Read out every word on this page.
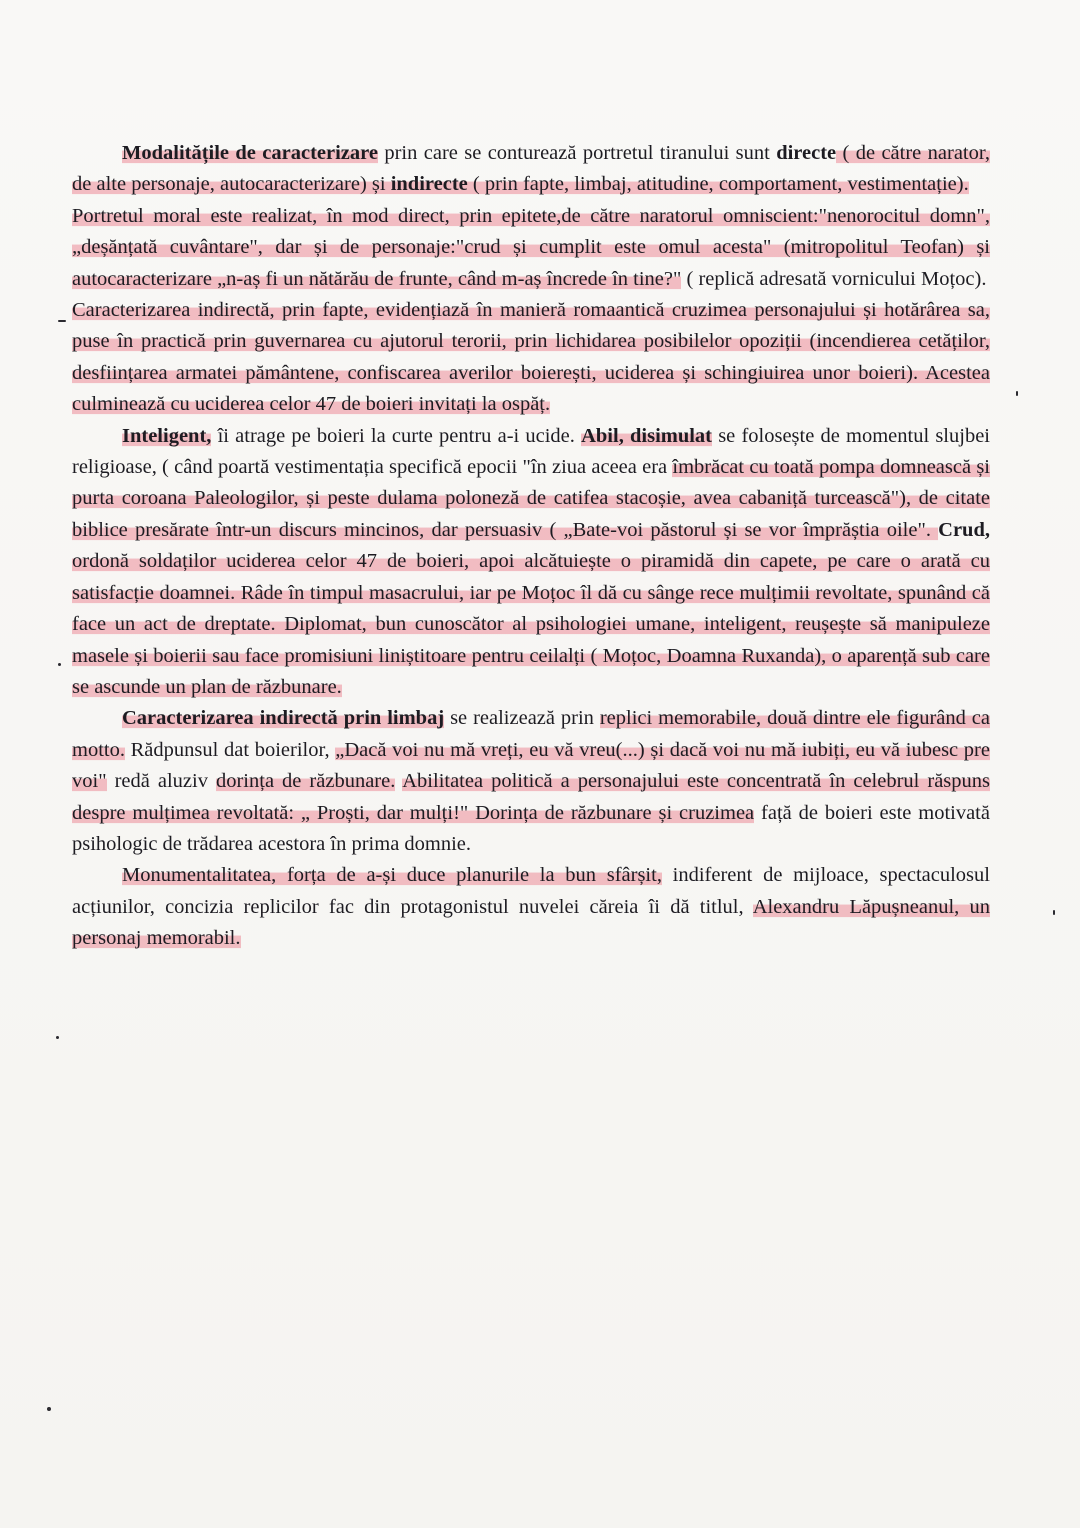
Modalitățile de caracterizare prin care se conturează portretul tiranului sunt directe ( de către narator, de alte personaje, autocaracterizare) și indirecte ( prin fapte, limbaj, atitudine, comportament, vestimentație).

Portretul moral este realizat, în mod direct, prin epitete,de către naratorul omniscient:"nenorocitul domn", „deșănțată cuvântare", dar și de personaje:"crud și cumplit este omul acesta" (mitropolitul Teofan) și autocaracterizare „n-aș fi un nătărău de frunte, când m-aș încrede în tine?" ( replică adresată vornicului Moțoc).

Caracterizarea indirectă, prin fapte, evidențiază în manieră romaantică cruzimea personajului și hotărârea sa, puse în practică prin guvernarea cu ajutorul terorii, prin lichidarea posibilelor opoziții (incendierea cetăților, desființarea armatei pământene, confiscarea averilor boierești, uciderea și schingiuirea unor boieri). Acestea culminează cu uciderea celor 47 de boieri invitați la ospăț.

Inteligent, îi atrage pe boieri la curte pentru a-i ucide. Abil, disimulat se folosește de momentul slujbei religioase, ( când poartă vestimentația specifică epocii "în ziua aceea era îmbrăcat cu toată pompa domnească și purta coroana Paleologilor, și peste dulama poloneză de catifea stacoșie, avea cabaniță turcească"), de citate biblice presărate într-un discurs mincinos, dar persuasiv ( „Bate-voi păstorul și se vor împrăștia oile". Crud, ordonă soldaților uciderea celor 47 de boieri, apoi alcătuiește o piramidă din capete, pe care o arată cu satisfacție doamnei. Râde în timpul masacrului, iar pe Moțoc îl dă cu sânge rece mulțimii revoltate, spunând că face un act de dreptate. Diplomat, bun cunoscător al psihologiei umane, inteligent, reușește să manipuleze masele și boierii sau face promisiuni liniștitoare pentru ceilalți ( Moțoc, Doamna Ruxanda), o aparență sub care se ascunde un plan de răzbunare.

Caracterizarea indirectă prin limbaj se realizează prin replici memorabile, două dintre ele figurând ca motto. Rădpunsul dat boierilor, „Dacă voi nu mă vreți, eu vă vreu(...) și dacă voi nu mă iubiți, eu vă iubesc pre voi" redă aluziv dorința de răzbunare. Abilitatea politică a personajului este concentrată în celebrul răspuns despre mulțimea revoltată: „ Proști, dar mulți!" Dorința de răzbunare și cruzimea față de boieri este motivată psihologic de trădarea acestora în prima domnie.

Monumentalitatea, forța de a-și duce planurile la bun sfârșit, indiferent de mijloace, spectaculosul acțiunilor, concizia replicilor fac din protagonistul nuvelei căreia îi dă titlul, Alexandru Lăpușneanul, un personaj memorabil.
